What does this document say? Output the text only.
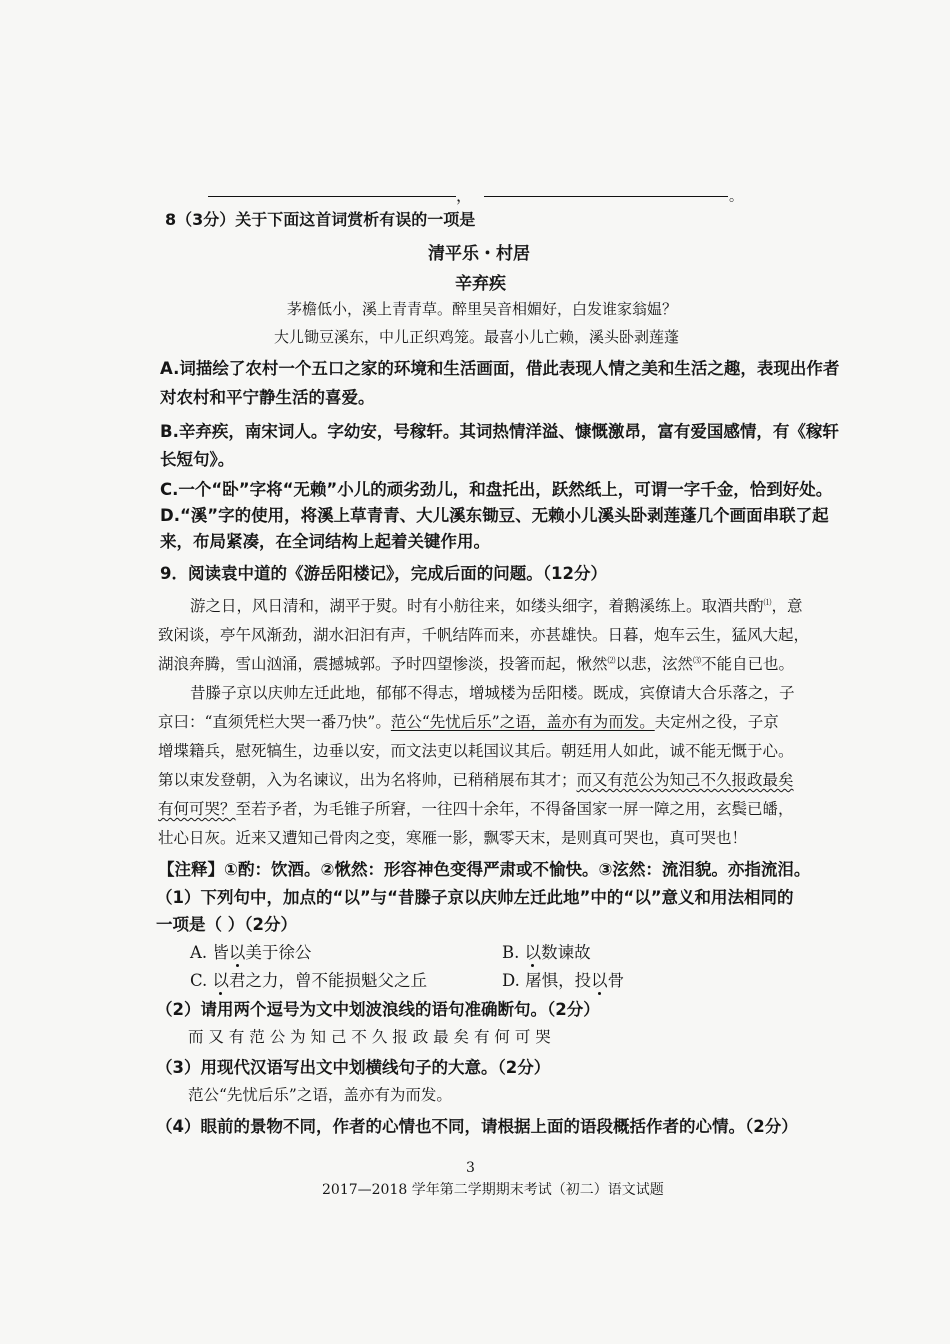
，	。
8（3分）关于下面这首词赏析有误的一项是
清平乐・村居
辛弃疾
茅檐低小，溪上青青草。醉里吴音相媚好，白发谁家翁媪？
大儿锄豆溪东，中儿正织鸡笼。最喜小儿亡赖，溪头卧剥莲蓬
A.词描绘了农村一个五口之家的环境和生活画面，借此表现人情之美和生活之趣，表现出作者
对农村和平宁静生活的喜爱。
B.辛弃疾，南宋词人。字幼安，号稼轩。其词热情洋溢、慷慨激昂，富有爱国感情，有《稼轩
长短句》。
C.一个“卧”字将“无赖”小儿的顽劣劲儿，和盘托出，跃然纸上，可谓一字千金，恰到好处。
D.“溪”字的使用，将溪上草青青、大儿溪东锄豆、无赖小儿溪头卧剥莲蓬几个画面串联了起
来，布局紧凑，在全词结构上起着关键作用。
9．阅读袁中道的《游岳阳楼记》，完成后面的问题。（12分）
游之日，风日清和，湖平于熨。时有小舫往来，如缕头细字，着鹅溪练上。取酒共酌⑴，意
致闲谈，亭午风渐劲，湖水汩汩有声，千帆结阵而来，亦甚雄快。日暮，炮车云生，猛风大起，
湖浪奔腾，雪山汹涌，震撼城郭。予时四望惨淡，投箸而起，愀然⑵以悲，泫然⑶不能自已也。
昔滕子京以庆帅左迁此地，郁郁不得志，增城楼为岳阳楼。既成，宾僚请大合乐落之，子
京曰：“直须凭栏大哭一番乃快”。范公“先忧后乐”之语，盖亦有为而发。夫定州之役，子京
增堞籍兵，慰死犒生，边垂以安，而文法吏以耗国议其后。朝廷用人如此，诚不能无慨于心。
第以束发登朝，入为名谏议，出为名将帅，已稍稍展布其才；而又有范公为知己不久报政最矣
有何可哭？至若予者，为毛锥子所窘，一往四十余年，不得备国家一屏一障之用，玄鬓已皤，
壮心日灰。近来又遭知己骨肉之变，寒雁一影，飘零天末，是则真可哭也，真可哭也！
【注释】①酌：饮酒。②愀然：形容神色变得严肃或不愉快。③泫然：流泪貌。亦指流泪。
（1）下列句中，加点的“以”与“昔滕子京以庆帅左迁此地”中的“以”意义和用法相同的
一项是（ ）（2分）
A. 皆以美于徐公	B. 以数谏故
C. 以君之力，曾不能损魁父之丘	D. 屠惧，投以骨
（2）请用两个逗号为文中划波浪线的语句准确断句。（2分）
而 又 有 范 公 为 知 己 不 久 报 政 最 矣 有 何 可 哭
（3）用现代汉语写出文中划横线句子的大意。（2分）
范公“先忧后乐”之语，盖亦有为而发。
（4）眼前的景物不同，作者的心情也不同，请根据上面的语段概括作者的心情。（2分）
3
2017—2018 学年第二学期期末考试（初二）语文试题
